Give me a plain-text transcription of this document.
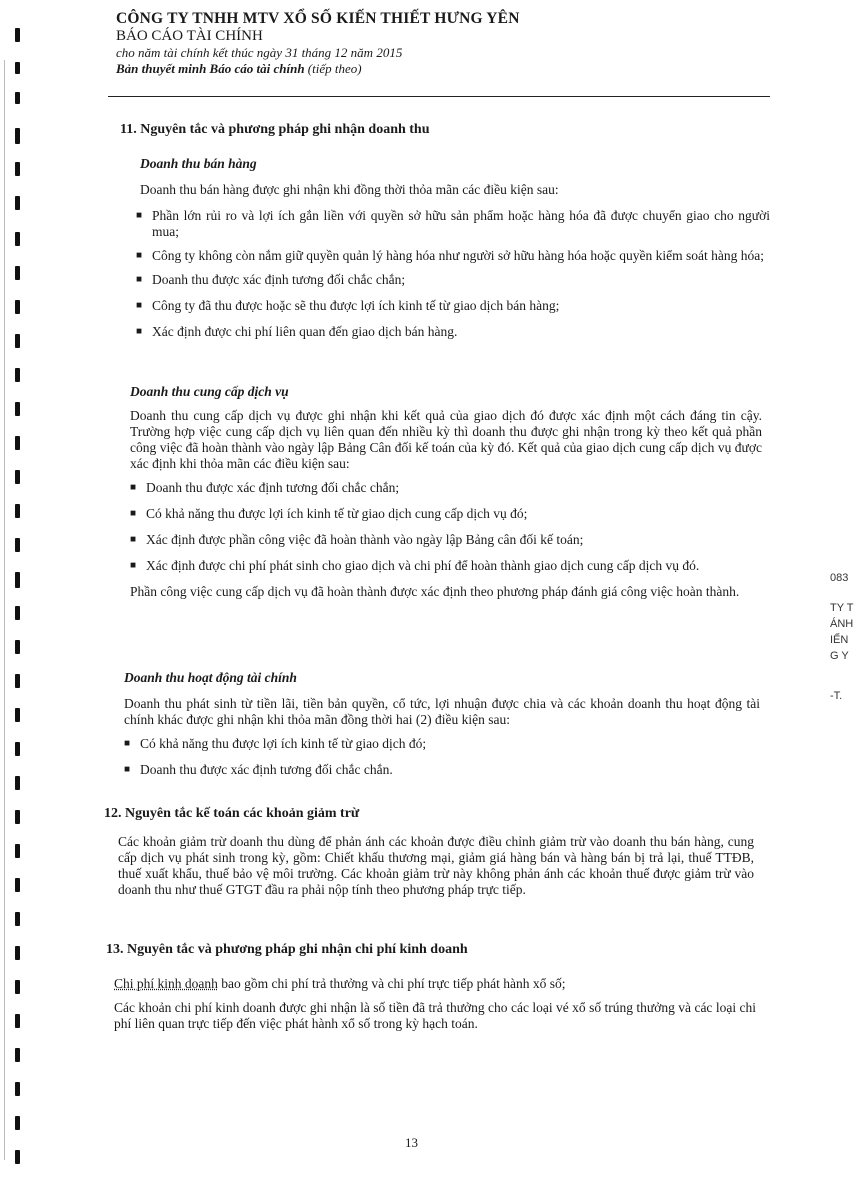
083
TY T
ÁNH
IẾN
G Y
-T.
CÔNG TY TNHH MTV XỔ SỐ KIẾN THIẾT HƯNG YÊN
BÁO CÁO TÀI CHÍNH
cho năm tài chính kết thúc ngày 31 tháng 12 năm 2015
Bản thuyết minh Báo cáo tài chính (tiếp theo)
11. Nguyên tắc và phương pháp ghi nhận doanh thu
Doanh thu bán hàng

Doanh thu bán hàng được ghi nhận khi đồng thời thỏa mãn các điều kiện sau:

■ Phần lớn rủi ro và lợi ích gắn liền với quyền sở hữu sản phẩm hoặc hàng hóa đã được chuyển giao cho người mua;
■ Công ty không còn nắm giữ quyền quản lý hàng hóa như người sở hữu hàng hóa hoặc quyền kiểm soát hàng hóa;
■ Doanh thu được xác định tương đối chắc chắn;
■ Công ty đã thu được hoặc sẽ thu được lợi ích kinh tế từ giao dịch bán hàng;
■ Xác định được chi phí liên quan đến giao dịch bán hàng.
Doanh thu cung cấp dịch vụ

Doanh thu cung cấp dịch vụ được ghi nhận khi kết quả của giao dịch đó được xác định một cách đáng tin cậy. Trường hợp việc cung cấp dịch vụ liên quan đến nhiều kỳ thì doanh thu được ghi nhận trong kỳ theo kết quả phần công việc đã hoàn thành vào ngày lập Bảng Cân đối kế toán của kỳ đó. Kết quả của giao dịch cung cấp dịch vụ được xác định khi thỏa mãn các điều kiện sau:

■ Doanh thu được xác định tương đối chắc chắn;
■ Có khả năng thu được lợi ích kinh tế từ giao dịch cung cấp dịch vụ đó;
■ Xác định được phần công việc đã hoàn thành vào ngày lập Bảng cân đối kế toán;
■ Xác định được chi phí phát sinh cho giao dịch và chi phí để hoàn thành giao dịch cung cấp dịch vụ đó.

Phần công việc cung cấp dịch vụ đã hoàn thành được xác định theo phương pháp đánh giá công việc hoàn thành.

Doanh thu hoạt động tài chính

Doanh thu phát sinh từ tiền lãi, tiền bản quyền, cổ tức, lợi nhuận được chia và các khoản doanh thu hoạt động tài chính khác được ghi nhận khi thỏa mãn đồng thời hai (2) điều kiện sau:

■ Có khả năng thu được lợi ích kinh tế từ giao dịch đó;
■ Doanh thu được xác định tương đối chắc chắn.
12. Nguyên tắc kế toán các khoản giảm trừ

Các khoản giảm trừ doanh thu dùng để phản ánh các khoản được điều chỉnh giảm trừ vào doanh thu bán hàng, cung cấp dịch vụ phát sinh trong kỳ, gồm: Chiết khấu thương mại, giảm giá hàng bán và hàng bán bị trả lại, thuế TTĐB, thuế xuất khẩu, thuế bảo vệ môi trường. Các khoản giảm trừ này không phản ánh các khoản thuế được giảm trừ vào doanh thu như thuế GTGT đầu ra phải nộp tính theo phương pháp trực tiếp.

13. Nguyên tắc và phương pháp ghi nhận chi phí kinh doanh

Chi phí kinh doanh bao gồm chi phí trả thưởng và chi phí trực tiếp phát hành xổ số;

Các khoản chi phí kinh doanh được ghi nhận là số tiền đã trả thưởng cho các loại vé xổ số trúng thưởng và các loại chi phí liên quan trực tiếp đến việc phát hành xổ số trong kỳ hạch toán.

13
